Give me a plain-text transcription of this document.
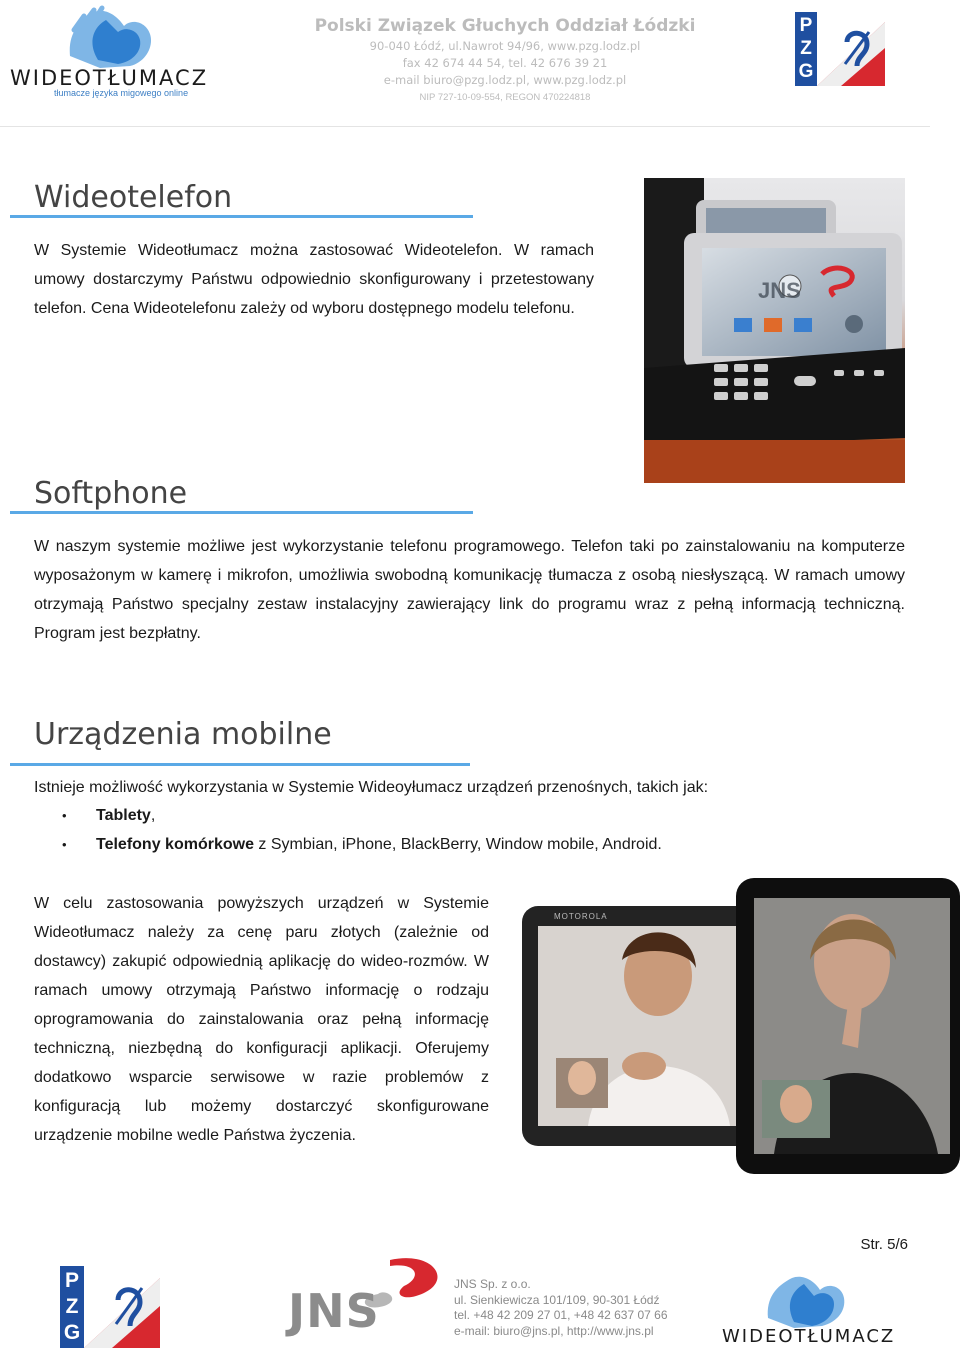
WIDEOTŁUMACZ
tłumacze języka migowego online
Polski Związek Głuchych Oddział Łódzki
90-040 Łódź, ul.Nawrot 94/96, www.pzg.lodz.pl
fax 42 674 44 54, tel. 42 676 39 21
e-mail biuro@pzg.lodz.pl, www.pzg.lodz.pl
NIP 727-10-09-554, REGON 470224818
PZG
Wideotelefon

W Systemie Wideotłumacz można zastosować Wideotelefon. W ramach umowy dostarczymy Państwu odpowiednio skonfigurowany i przetestowany telefon. Cena Wideotelefonu zależy od wyboru dostępnego modelu telefonu.

JNS
Softphone

W naszym systemie możliwe jest wykorzystanie telefonu programowego. Telefon taki po zainstalowaniu na komputerze wyposażonym w kamerę i mikrofon, umożliwia swobodną komunikację tłumacza z osobą niesłyszącą. W ramach umowy otrzymają Państwo specjalny zestaw instalacyjny zawierający link do programu wraz z pełną informacją techniczną. Program jest bezpłatny.

Urządzenia mobilne

Istnieje możliwość wykorzystania w Systemie Wideoyłumacz urządzeń przenośnych, takich jak:

• Tablety,
• Telefony komórkowe z Symbian, iPhone, BlackBerry, Window mobile, Android.

W celu zastosowania powyższych urządzeń w Systemie Wideotłumacz należy za cenę paru złotych (zależnie od dostawcy) zakupić odpowiednią aplikację do wideo-rozmów. W ramach umowy otrzymają Państwo informację o rodzaju oprogramowania do zainstalowania oraz pełną informację techniczną, niezbędną do konfiguracji aplikacji. Oferujemy dodatkowo wsparcie serwisowe w razie problemów z konfiguracją lub możemy dostarczyć skonfigurowane urządzenie mobilne wedle Państwa życzenia.

MOTOROLA
Str. 5/6
PZG	JNS	JNS Sp. z o.o.
ul. Sienkiewicza 101/109, 90-301 Łódź
tel. +48 42 209 27 01, +48 42 637 07 66
e-mail: biuro@jns.pl, http://www.jns.pl	WIDEOTŁUMACZ
